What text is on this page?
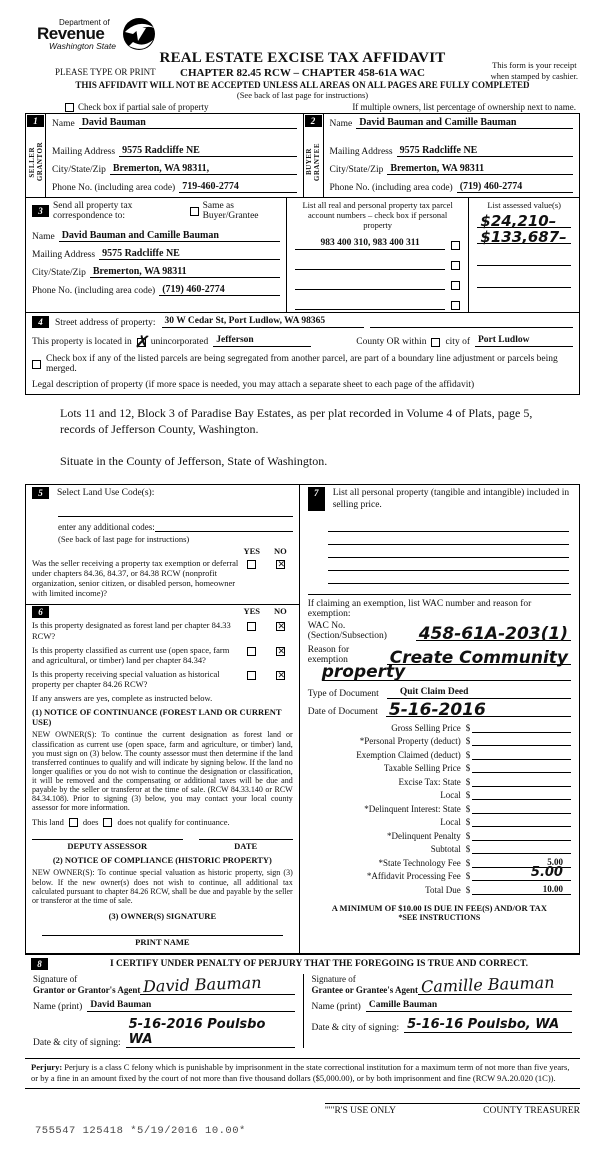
Department of
Revenue
Washington State
REAL ESTATE EXCISE TAX AFFIDAVIT
PLEASE TYPE OR PRINT	CHAPTER 82.45 RCW – CHAPTER 458-61A WAC
This form is your receipt
when stamped by cashier.
THIS AFFIDAVIT WILL NOT BE ACCEPTED UNLESS ALL AREAS ON ALL PAGES ARE FULLY COMPLETED
(See back of last page for instructions)
Check box if partial sale of property	If multiple owners, list percentage of ownership next to name.
1
SELLER GRANTOR
Name David Bauman
Mailing Address 9575 Radcliffe NE
City/State/Zip Bremerton, WA 98311,
Phone No. (including area code) 719-460-2774
2
BUYER GRANTEE
Name David Bauman and Camille Bauman
Mailing Address 9575 Radcliffe NE
City/State/Zip Bremerton, WA 98311
Phone No. (including area code) (719) 460-2774
3	Send all property tax correspondence to:
Same as Buyer/Grantee
Name David Bauman and Camille Bauman
Mailing Address 9575 Radcliffe NE
City/State/Zip Bremerton, WA 98311
Phone No. (including area code) (719) 460-2774
List all real and personal property tax parcel account numbers – check box if personal property
983 400 310, 983 400 311
List assessed value(s)
$24,210–
$133,687–
4	Street address of property: 30 W Cedar St, Port Ludlow, WA 98365
This property is located in ✗ unincorporated Jefferson	County OR within city of Port Ludlow
Check box if any of the listed parcels are being segregated from another parcel, are part of a boundary line adjustment or parcels being merged.
Legal description of property (if more space is needed, you may attach a separate sheet to each page of the affidavit)

Lots 11 and 12, Block 3 of Paradise Bay Estates, as per plat recorded in Volume 4 of Plats, page 5, records of Jefferson County, Washington.

Situate in the County of Jefferson, State of Washington.

5	Select Land Use Code(s):
enter any additional codes:
(See back of last page for instructions)
YES NO
Was the seller receiving a property tax exemption or deferral under chapters 84.36, 84.37, or 84.38 RCW (nonprofit organization, senior citizen, or disabled person, homeowner with limited income)?
✕
6	YES NO
Is this property designated as forest land per chapter 84.33 RCW?
✕
Is this property classified as current use (open space, farm and agricultural, or timber) land per chapter 84.34?
✕
Is this property receiving special valuation as historical property per chapter 84.26 RCW?
✕
If any answers are yes, complete as instructed below.
(1) NOTICE OF CONTINUANCE (FOREST LAND OR CURRENT USE)
NEW OWNER(S): To continue the current designation as forest land or classification as current use (open space, farm and agriculture, or timber) land, you must sign on (3) below. The county assessor must then determine if the land transferred continues to qualify and will indicate by signing below. If the land no longer qualifies or you do not wish to continue the designation or classification, it will be removed and the compensating or additional taxes will be due and payable by the seller or transferor at the time of sale. (RCW 84.33.140 or RCW 84.34.108). Prior to signing (3) below, you may contact your local county assessor for more information.
This land does does not qualify for continuance.
DEPUTY ASSESSOR	DATE
(2) NOTICE OF COMPLIANCE (HISTORIC PROPERTY)
NEW OWNER(S): To continue special valuation as historic property, sign (3) below. If the new owner(s) does not wish to continue, all additional tax calculated pursuant to chapter 84.26 RCW, shall be due and payable by the seller or transferor at the time of sale.
(3) OWNER(S) SIGNATURE
PRINT NAME
7	List all personal property (tangible and intangible) included in selling price.
If claiming an exemption, list WAC number and reason for exemption:
WAC No. (Section/Subsection)	458-61A-203(1)
Reason for exemption	Create Community
property
Type of Document	Quit Claim Deed
Date of Document 5-16-2016
Gross Selling Price $
*Personal Property (deduct) $
Exemption Claimed (deduct) $
Taxable Selling Price $
Excise Tax: State $
Local $
*Delinquent Interest: State $
Local $
*Delinquent Penalty $
Subtotal $
*State Technology Fee $	5.00
*Affidavit Processing Fee $	5.00
Total Due $	10.00
A MINIMUM OF $10.00 IS DUE IN FEE(S) AND/OR TAX
*SEE INSTRUCTIONS
8	I CERTIFY UNDER PENALTY OF PERJURY THAT THE FOREGOING IS TRUE AND CORRECT.
Signature of
Grantor or Grantor's Agent David Bauman
Name (print) David Bauman
Date & city of signing:
5-16-2016 Poulsbo WA
Signature of
Grantee or Grantee's Agent Camille Bauman
Name (print) Camille Bauman
Date & city of signing: 5-16-16 Poulsbo, WA
Perjury: Perjury is a class C felony which is punishable by imprisonment in the state correctional institution for a maximum term of not more than five years, or by a fine in an amount fixed by the court of not more than five thousand dollars ($5,000.00), or by both imprisonment and fine (RCW 9A.20.020 (1C)).
'""R'S USE ONLY	COUNTY TREASURER
755547 125418 *5/19/2016 10.00*
